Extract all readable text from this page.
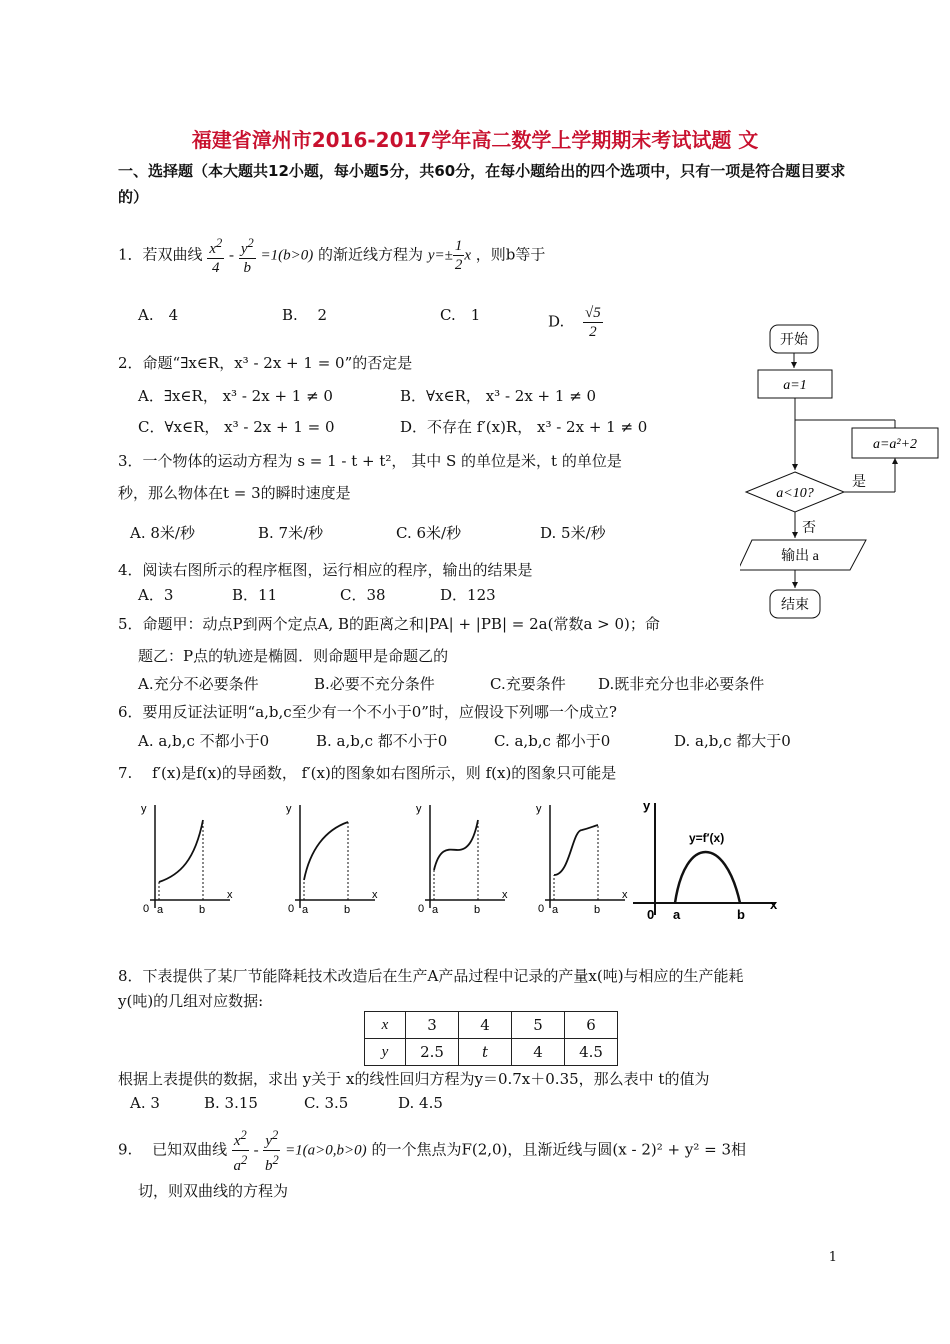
福建省漳州市2016-2017学年高二数学上学期期末考试试题 文
一、选择题（本大题共12小题，每小题5分，共60分，在每小题给出的四个选项中，只有一项是符合题目要求的）
1．若双曲线 $\frac{x^2}{4} - \frac{y^2}{b} =1(b>0)$ 的渐近线方程为 $y=\pm \frac{1}{2}$ x ，则b等于
A.　4	B.　 2	C.　1	D. $\frac{√5}{2}$
2．命题“∃x∈R，x³ - 2x + 1 = 0”的否定是
A．∃x∈R， x³ - 2x + 1 ≠ 0	B．∀x∈R， x³ - 2x + 1 ≠ 0
C．∀x∈R， x³ - 2x + 1 = 0	D．不存在 f′(x)R， x³ - 2x + 1 ≠ 0
3．一个物体的运动方程为 s = 1 - t + t²， 其中 S 的单位是米，t 的单位是
秒，那么物体在t = 3的瞬时速度是
A. 8米/秒	B. 7米/秒	C. 6米/秒	D. 5米/秒
4．阅读右图所示的程序框图，运行相应的程序，输出的结果是
A．3	B．11	C．38	D．123
5．命题甲：动点P到两个定点A, B的距离之和|PA| + |PB| = 2a(常数a > 0)；命
题乙：P点的轨迹是椭圆．则命题甲是命题乙的
A.充分不必要条件	B.必要不充分条件	C.充要条件 D.既非充分也非必要条件
6．要用反证法证明“a,b,c至少有一个不小于0”时，应假设下列哪一个成立?
A. a,b,c 不都小于0	B. a,b,c 都不小于0	C. a,b,c 都小于0	D. a,b,c 都大于0
7.　 f′(x)是f(x)的导函数， f′(x)的图象如右图所示，则 f(x)的图象只可能是
y
x
0 a	b
y
x
0 a	b
y
x
0 a	b
y
x
0 a	b
y
x
0 a	b
y=f′(x)
开始
a=1
a=a²+2
a<10?
是
否
输出 a
结束
8．下表提供了某厂节能降耗技术改造后在生产A产品过程中记录的产量x(吨)与相应的生产能耗
y(吨)的几组对应数据:
x	3	4	5	6
y	2.5	t	4	4.5
根据上表提供的数据，求出 y关于 x的线性回归方程为y＝0.7x＋0.35，那么表中 t的值为
A. 3	B. 3.15	C. 3.5	D. 4.5
9.　 已知双曲线 $\frac{x^2}{a^2} - \frac{y^2}{b^2} =1(a>0,b>0)$ 的一个焦点为F(2,0)，且渐近线与圆(x - 2)² + y² = 3相
切，则双曲线的方程为
1
